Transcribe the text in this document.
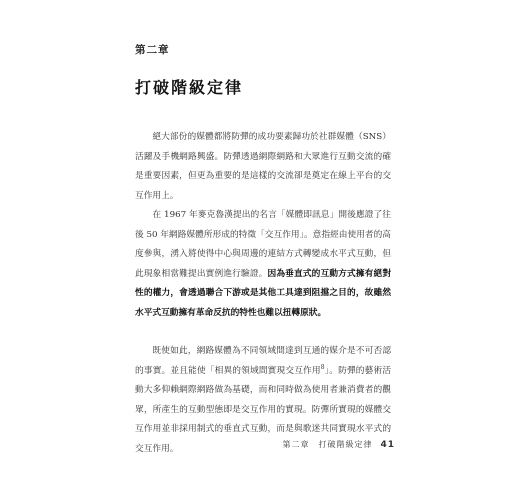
第二章
打破階級定律

絕大部份的媒體都將防彈的成功要素歸功於社群媒體（SNS）活躍及手機網路興盛。防彈透過網際網路和大眾進行互動交流的確是重要因素，但更為重要的是這樣的交流卻是奠定在線上平台的交互作用上。

在 1967 年麥克魯漢提出的名言「媒體即訊息」開後應證了往後 50 年網路媒體所形成的特徵「交互作用」。意指經由使用者的高度參與，湧入將使得中心與周邊的連結方式轉變成水平式互動，但此現象相當難提出實例進行驗證。因為垂直式的互動方式擁有絕對性的權力，會透過聯合下游或是其他工具達到阻擋之目的，故雖然水平式互動擁有革命反抗的特性也難以扭轉原狀。

既使如此，網路媒體為不同領域間達到互通的媒介是不可否認的事實。並且能使「相異的領域間實現交互作用$^8$」。防彈的藝術活動大多仰賴網際網路做為基礎，而和同時做為使用者兼消費者的觀眾，所產生的互動型態即是交互作用的實現。防彈所實現的媒體交互作用並非採用制式的垂直式互動，而是與歌迷共同實現水平式的交互作用。	第二章　打破階級定律 41
